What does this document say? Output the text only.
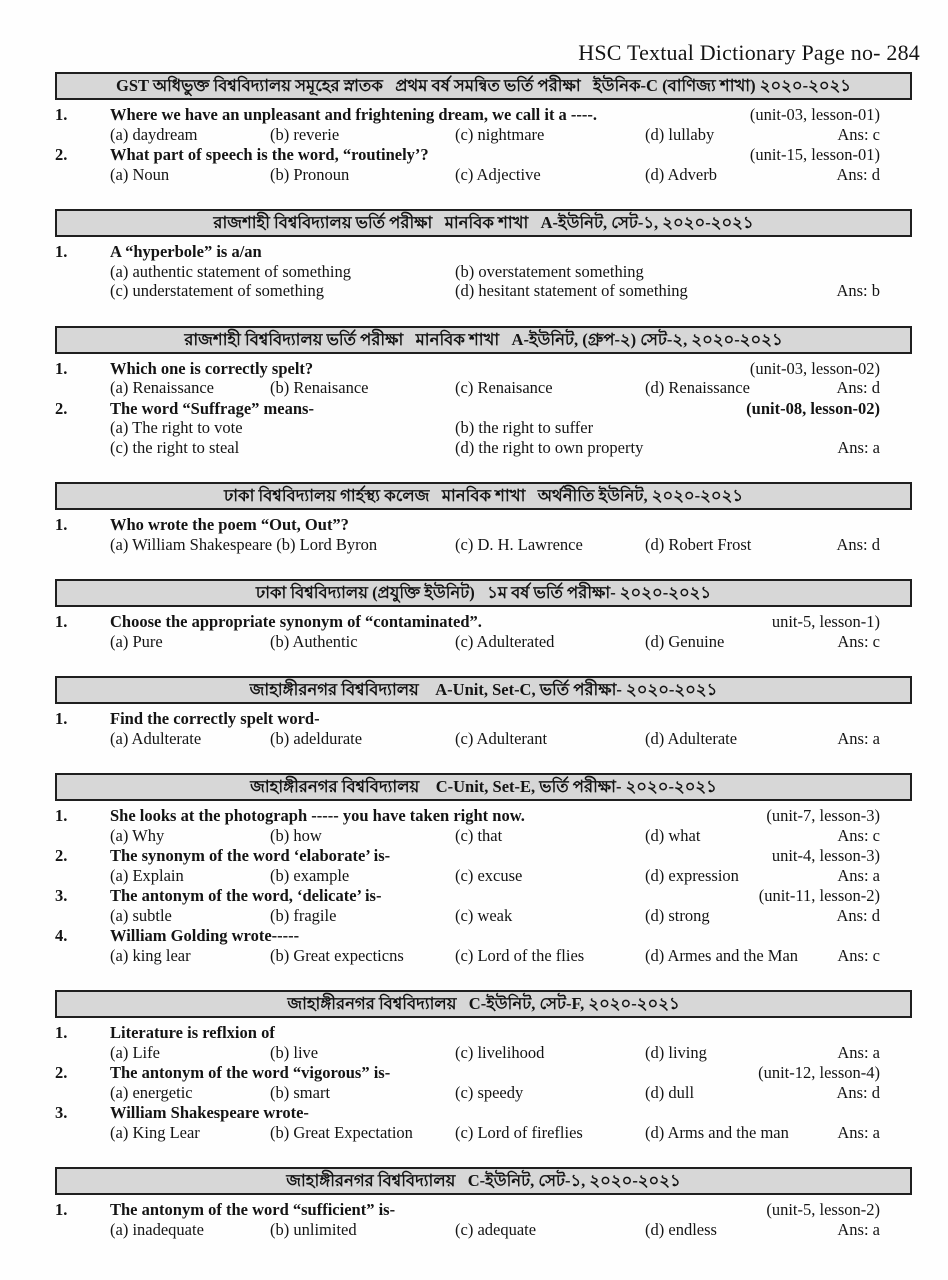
HSC Textual Dictionary Page no- 284
GST অধিভুক্ত বিশ্ববিদ্যালয় সমূহের স্নাতক   প্রথম বর্ষ সমন্বিত ভর্তি পরীক্ষা   ইউনিক-C (বাণিজ্য শাখা) ২০২০-২০২১
1.	Where we have an unpleasant and frightening dream, we call it a ----.	(unit-03, lesson-01)
(a) daydream	(b) reverie	(c) nightmare	(d) lullaby	Ans: c
2.	What part of speech is the word, “routinely’?	(unit-15, lesson-01)
(a) Noun	(b) Pronoun	(c) Adjective	(d) Adverb	Ans: d
রাজশাহী বিশ্ববিদ্যালয় ভর্তি পরীক্ষা   মানবিক শাখা   A-ইউনিট, সেট-১, ২০২০-২০২১
1.	A “hyperbole” is a/an
(a) authentic statement of something	(b) overstatement something
(c) understatement of something	(d) hesitant statement of something	Ans: b
রাজশাহী বিশ্ববিদ্যালয় ভর্তি পরীক্ষা   মানবিক শাখা   A-ইউনিট, (গ্রুপ-২) সেট-২, ২০২০-২০২১
1.	Which one is correctly spelt?	(unit-03, lesson-02)
(a) Renaissance	(b) Renaisance	(c) Renaisance	(d) Renaissance	Ans: d
2.	The word “Suffrage” means-	(unit-08, lesson-02)
(a) The right to vote	(b) the right to suffer
(c) the right to steal	(d) the right to own property	Ans: a
ঢাকা বিশ্ববিদ্যালয় গার্হস্থ্য কলেজ   মানবিক শাখা   অর্থনীতি ইউনিট, ২০২০-২০২১
1.	Who wrote the poem “Out, Out”?
(a) William Shakespeare (b) Lord Byron	(c) D. H. Lawrence	(d) Robert Frost	Ans: d
ঢাকা বিশ্ববিদ্যালয় (প্রযুক্তি ইউনিট)   ১ম বর্ষ ভর্তি পরীক্ষা- ২০২০-২০২১
1.	Choose the appropriate synonym of “contaminated”.	unit-5, lesson-1)
(a) Pure	(b) Authentic	(c) Adulterated	(d) Genuine	Ans: c
জাহাঙ্গীরনগর বিশ্ববিদ্যালয়    A-Unit, Set-C, ভর্তি পরীক্ষা- ২০২০-২০২১
1.	Find the correctly spelt word-
(a) Adulterate	(b) adeldurate	(c) Adulterant	(d) Adulterate	Ans: a
জাহাঙ্গীরনগর বিশ্ববিদ্যালয়    C-Unit, Set-E, ভর্তি পরীক্ষা- ২০২০-২০২১
1.	She looks at the photograph ----- you have taken right now.	(unit-7, lesson-3)
(a) Why	(b) how	(c) that	(d) what	Ans: c
2.	The synonym of the word ‘elaborate’ is-	unit-4, lesson-3)
(a) Explain	(b) example	(c) excuse	(d) expression	Ans: a
3.	The antonym of the word, ‘delicate’ is-	(unit-11, lesson-2)
(a) subtle	(b) fragile	(c) weak	(d) strong	Ans: d
4.	William Golding wrote-----
(a) king lear	(b) Great expecticns	(c) Lord of the flies	(d) Armes and the Man	Ans: c
জাহাঙ্গীরনগর বিশ্ববিদ্যালয়   C-ইউনিট, সেট-F, ২০২০-২০২১
1.	Literature is reflxion of
(a) Life	(b) live	(c) livelihood	(d) living	Ans: a
2.	The antonym of the word “vigorous” is-	(unit-12, lesson-4)
(a) energetic	(b) smart	(c) speedy	(d) dull	Ans: d
3.	William Shakespeare wrote-
(a) King Lear	(b) Great Expectation	(c) Lord of fireflies	(d) Arms and the man	Ans: a
জাহাঙ্গীরনগর বিশ্ববিদ্যালয়   C-ইউনিট, সেট-১, ২০২০-২০২১
1.	The antonym of the word “sufficient” is-	(unit-5, lesson-2)
(a) inadequate	(b) unlimited	(c) adequate	(d) endless	Ans: a
